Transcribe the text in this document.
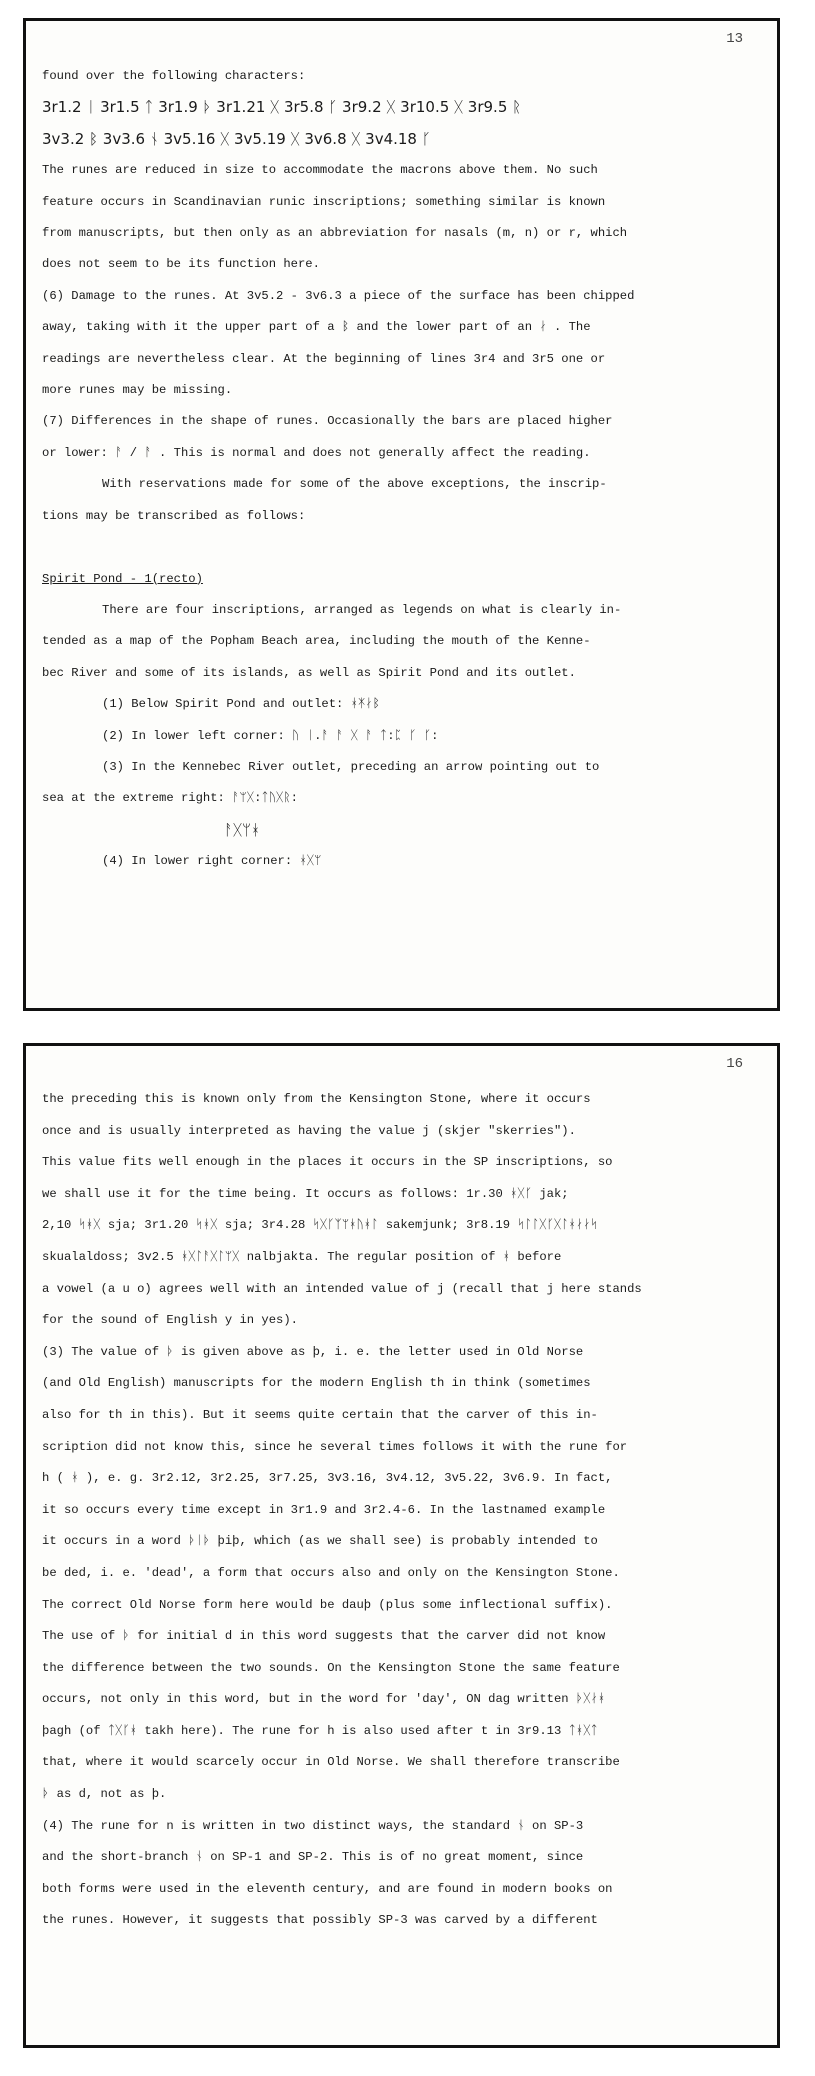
13
found over the following characters:
3r1.2 ᛁ 3r1.5 ᛏ 3r1.9 ᚦ 3r1.21 ᚷ 3r5.8 ᚴ 3r9.2 ᚷ 3r10.5 ᚷ 3r9.5 ᚱ
3v3.2 ᛒ 3v3.6 ᚾ 3v5.16 ᚷ 3v5.19 ᚷ 3v6.8 ᚷ 3v4.18 ᚴ
The runes are reduced in size to accommodate the macrons above them. No such
feature occurs in Scandinavian runic inscriptions; something similar is known
from manuscripts, but then only as an abbreviation for nasals (m, n) or r, which
does not seem to be its function here.
(6) Damage to the runes. At 3v5.2 - 3v6.3 a piece of the surface has been chipped
away, taking with it the upper part of a ᛒ and the lower part of an ᛅ . The
readings are nevertheless clear. At the beginning of lines 3r4 and 3r5 one or
more runes may be missing.
(7) Differences in the shape of runes. Occasionally the bars are placed higher
or lower: ᚨ / ᚨ . This is normal and does not generally affect the reading.
With reservations made for some of the above exceptions, the inscrip-
tions may be transcribed as follows:

Spirit Pond - 1(recto)
There are four inscriptions, arranged as legends on what is clearly in-
tended as a map of the Popham Beach area, including the mouth of the Kenne-
bec River and some of its islands, as well as Spirit Pond and its outlet.
(1) Below Spirit Pond and outlet: ᚼᛡᛅᛒ
(2) In lower left corner: ᚢ ᛁ.ᚨ ᚨ ᚷ ᚨ ᛏ:ᛈ ᚴ ᚴ:
(3) In the Kennebec River outlet, preceding an arrow pointing out to
sea at the extreme right: ᚨᛘᚷ:ᛏᚢᚷᚱ:
ᚨᚷᛘᚼ
(4) In lower right corner: ᚼᚷᛘ
16
the preceding this is known only from the Kensington Stone, where it occurs
once and is usually interpreted as having the value j (skjer "skerries").
This value fits well enough in the places it occurs in the SP inscriptions, so
we shall use it for the time being. It occurs as follows: 1r.30 ᚼᚷᚴ jak;
2,10 ᛋᚼᚷ sja; 3r1.20 ᛋᚼᚷ sja; 3r4.28 ᛋᚷᚴᛉᛘᚼᚢᚼᛚ sakemjunk; 3r8.19 ᛋᛚᛚᚷᚴᚷᛚᚼᛅᛅᛋ
skualaldoss; 3v2.5 ᚼᚷᛚᚨᚷᛚᛘᚷ nalbjakta. The regular position of ᚼ before
a vowel (a u o) agrees well with an intended value of j (recall that j here stands
for the sound of English y in yes).
(3) The value of ᚦ is given above as þ, i. e. the letter used in Old Norse
(and Old English) manuscripts for the modern English th in think (sometimes
also for th in this). But it seems quite certain that the carver of this in-
scription did not know this, since he several times follows it with the rune for
h ( ᚼ ), e. g. 3r2.12, 3r2.25, 3r7.25, 3v3.16, 3v4.12, 3v5.22, 3v6.9. In fact,
it so occurs every time except in 3r1.9 and 3r2.4-6. In the lastnamed example
it occurs in a word ᚦᛁᚦ þiþ, which (as we shall see) is probably intended to
be ded, i. e. 'dead', a form that occurs also and only on the Kensington Stone.
The correct Old Norse form here would be dauþ (plus some inflectional suffix).
The use of ᚦ for initial d in this word suggests that the carver did not know
the difference between the two sounds. On the Kensington Stone the same feature
occurs, not only in this word, but in the word for 'day', ON dag written ᚦᚷᛅᚼ
þagh (of ᛏᚷᚴᚼ takh here). The rune for h is also used after t in 3r9.13 ᛏᚼᚷᛏ
that, where it would scarcely occur in Old Norse. We shall therefore transcribe
ᚦ as d, not as þ.
(4) The rune for n is written in two distinct ways, the standard ᚾ on SP-3
and the short-branch ᚾ on SP-1 and SP-2. This is of no great moment, since
both forms were used in the eleventh century, and are found in modern books on
the runes. However, it suggests that possibly SP-3 was carved by a different
